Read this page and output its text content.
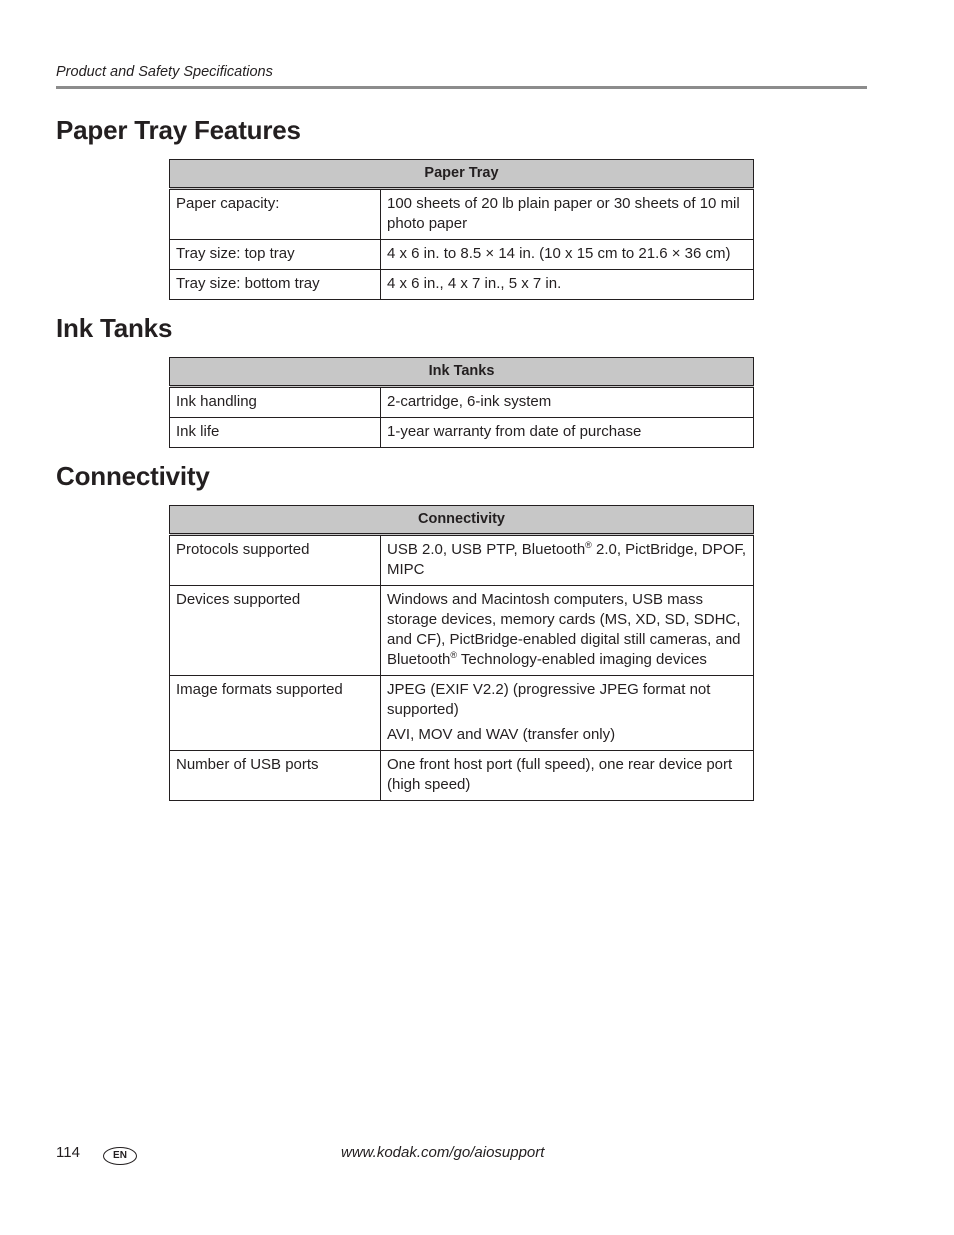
Product and Safety Specifications
Paper Tray Features
Paper Tray	
Paper capacity:	100 sheets of 20 lb plain paper or 30 sheets of 10 mil photo paper

Tray size: top tray	4 x 6 in. to 8.5 × 14 in. (10 x 15 cm to 21.6 × 36 cm)

Tray size: bottom tray	4 x 6 in., 4 x 7 in., 5 x 7 in.

Ink Tanks
Ink Tanks	
Ink handling	2-cartridge, 6-ink system

Ink life	1-year warranty from date of purchase

Connectivity
Connectivity	
Protocols supported	USB 2.0, USB PTP, Bluetooth® 2.0, PictBridge, DPOF, MIPC

Devices supported	Windows and Macintosh computers, USB mass storage devices, memory cards (MS, XD, SD, SDHC, and CF), PictBridge-enabled digital still cameras, and Bluetooth® Technology-enabled imaging devices

Image formats supported	JPEG (EXIF V2.2) (progressive JPEG format not supported)

AVI, MOV and WAV (transfer only)

Number of USB ports	One front host port (full speed), one rear device port (high speed)

114	EN	www.kodak.com/go/aiosupport
